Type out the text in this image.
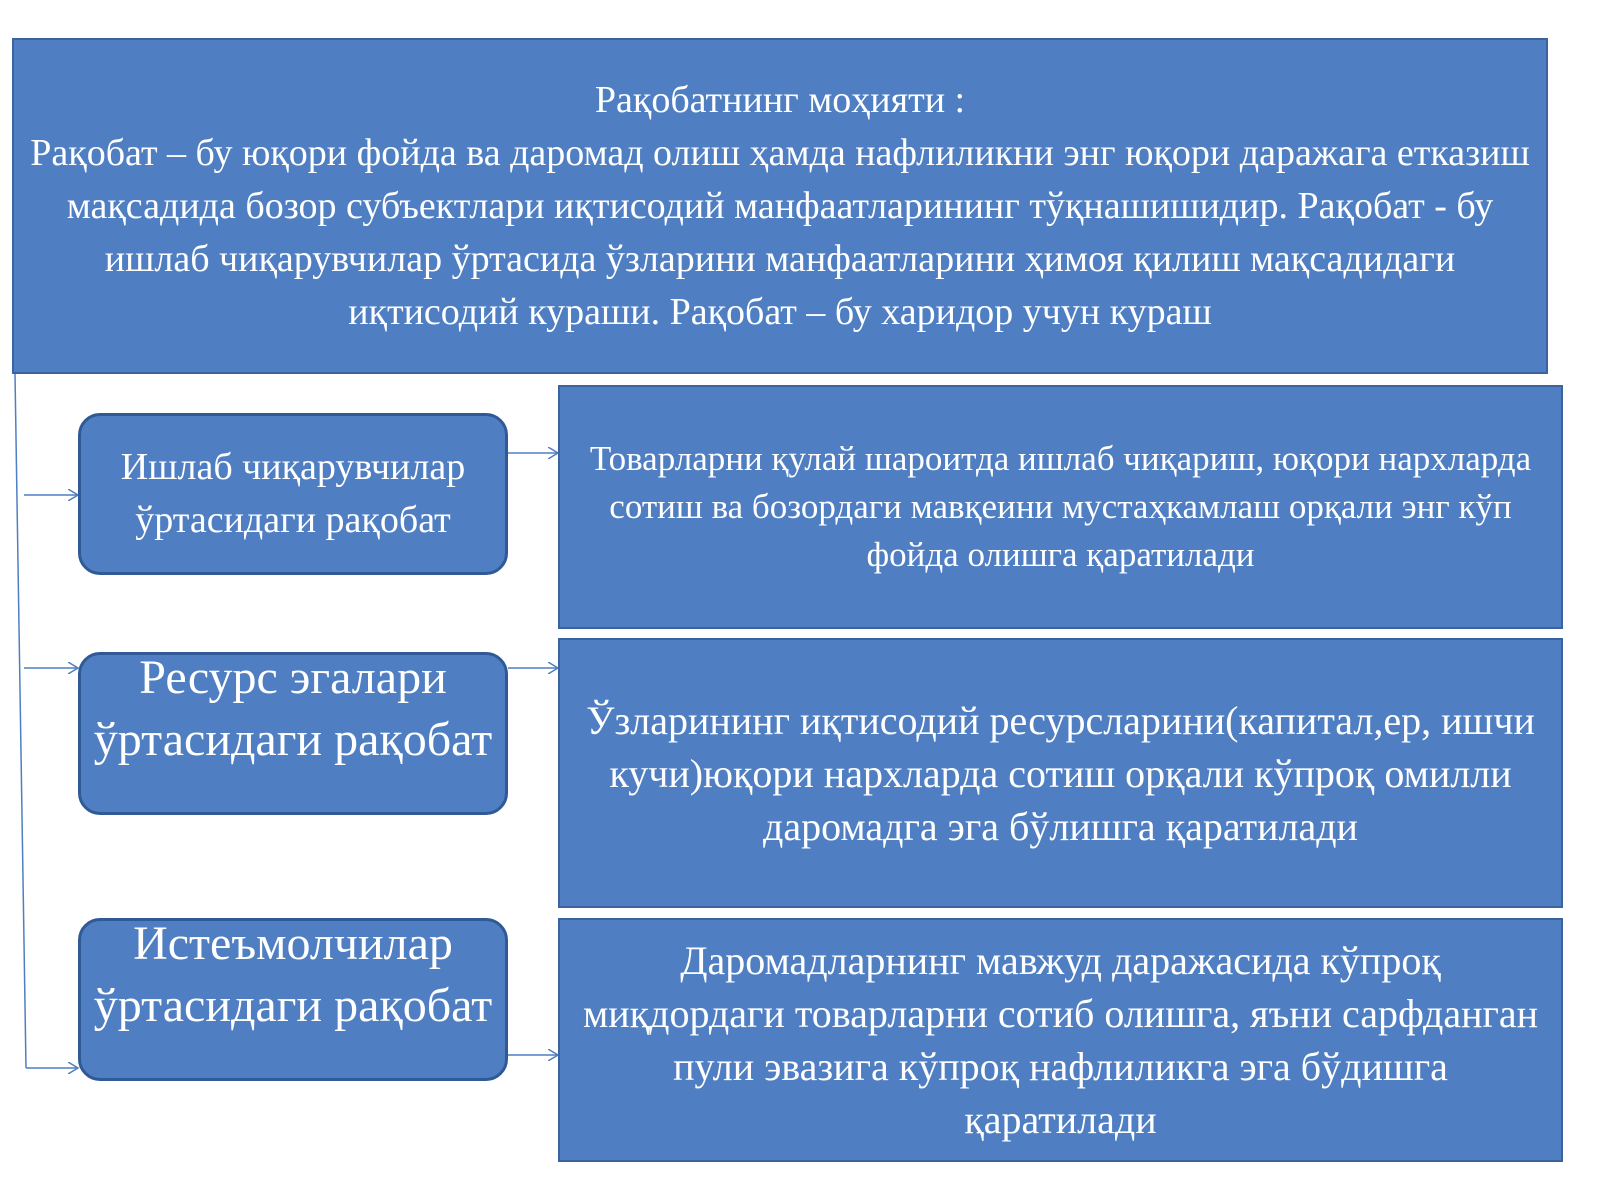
Рақобатнинг моҳияти :
Рақобат – бу юқори фойда ва даромад олиш ҳамда нафлиликни энг юқори даражага етказиш мақсадида бозор субъектлари иқтисодий манфаатларининг тўқнашишидир. Рақобат - бу ишлаб чиқарувчилар ўртасида ўзларини манфаатларини ҳимоя қилиш мақсадидаги иқтисодий кураши. Рақобат – бу харидор учун кураш
Ишлаб чиқарувчилар ўртасидаги рақобат
Ресурс эгалари ўртасидаги рақобат
Истеъмолчилар ўртасидаги рақобат
Товарларни қулай шароитда ишлаб чиқариш, юқори нархларда сотиш ва бозордаги мавқеини мустаҳкамлаш орқали энг кўп фойда олишга қаратилади
Ўзларининг иқтисодий ресурсларини(капитал,ер, ишчи кучи)юқори нархларда сотиш орқали кўпроқ омилли даромадга эга бўлишга қаратилади
Даромадларнинг мавжуд даражасида кўпроқ миқдордаги товарларни сотиб олишга, яъни сарфданган пули эвазига кўпроқ нафлиликга эга бўдишга қаратилади
